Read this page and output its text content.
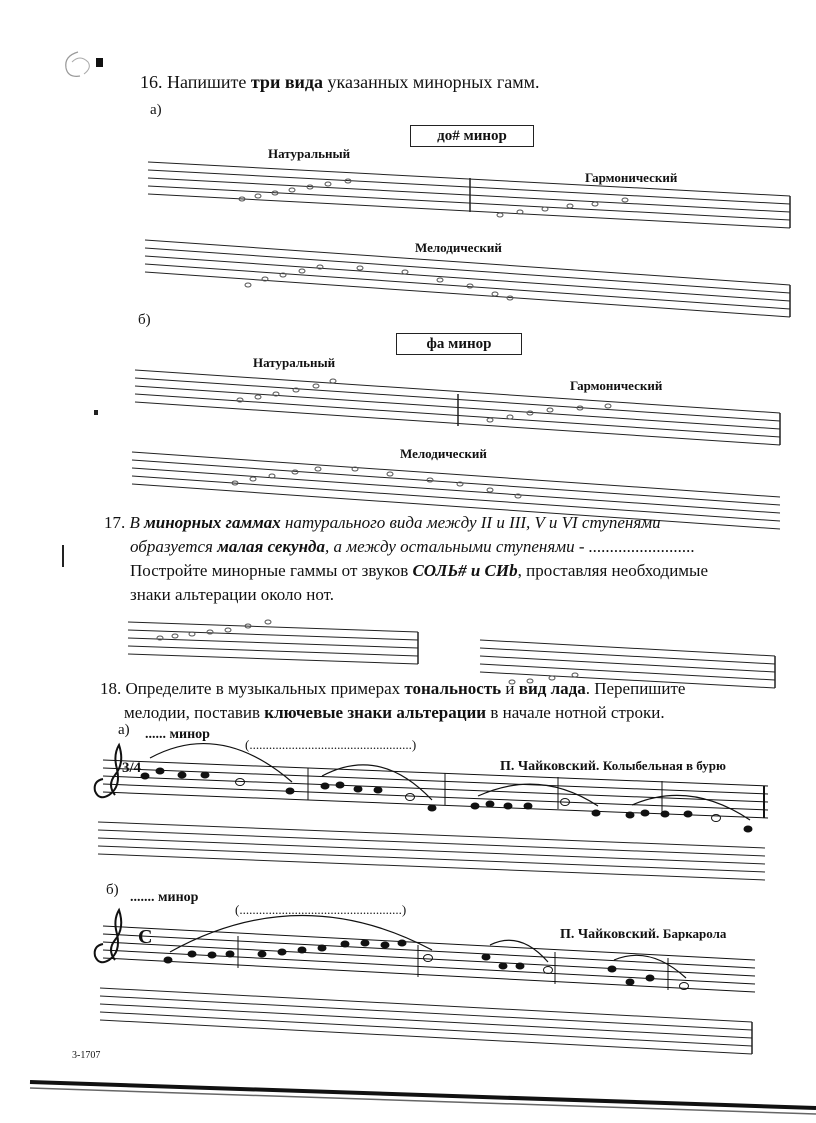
16. Напишите три вида указанных минорных гамм.
а)
до# минор
Натуральный
Гармонический
Мелодический
б)
фа минор
Натуральный
Гармонический
Мелодический
17. В минорных гаммах натурального вида между II и III, V и VI ступенями
образуется малая секунда, а между остальными ступенями - .........................
Постройте минорные гаммы от звуков СОЛЬ# и СИb, проставляя необходимые
знаки альтерации около нот.
18. Определите в музыкальных примерах тональность и вид лада. Перепишите
мелодии, поставив ключевые знаки альтерации в начале нотной строки.
а) ...... минор
(..................................................)
П. Чайковский. Колыбельная в бурю
3/4
б) ....... минор
(..................................................)
П. Чайковский. Баркарола
C
3-1707
